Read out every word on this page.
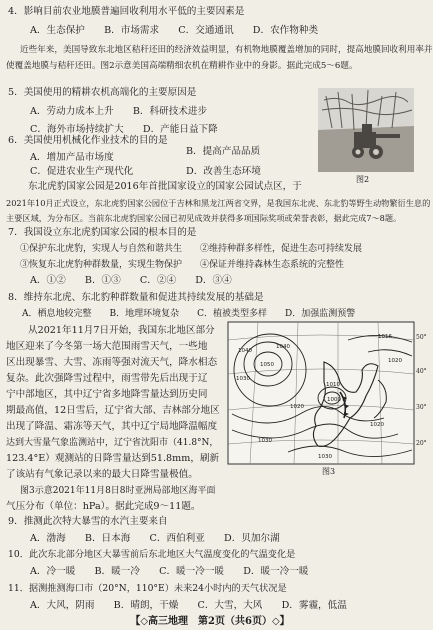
4．影响目前农业地膜普遍回收利用水平低的主要因素是
A．生态保护　　B．市场需求　　C．交通通讯　　D．农作物种类
近些年来，美国导致东北地区秸秆还田的经济效益明显，有机物地膜覆盖增加的同时，提高地膜回收利用率并
使覆盖地膜与秸秆还田。图2示意美国高端精细农机在精耕作业中的身影。据此完成5～6题。
5．美国使用的精耕农机高端化的主要原因是
A．劳动力成本上升　　B．科研技术进步
C．海外市场持续扩大　　D．产能日益下降
6．美国使用机械化作业技术的目的是
A．增加产品市场度
B．提高产品品质
C．促进农业生产现代化	D．改善生态环境
东北虎豹国家公园是2016年首批国家设立的国家公园试点区，于
2021年10月正式设立，东北虎豹国家公园位于吉林和黑龙江两省交界，是我国东北虎、东北豹等野生动物繁衍生息的
主要区域，为分布区。当前东北虎豹国家公园已初见成效并获得多项国际奖项或荣誉表彰，据此完成7～8题。
7．我国设立东北虎豹国家公园的根本目的是
①保护东北虎豹，实现人与自然和谐共生　　②维持种群多样性，促进生态可持续发展
③恢复东北虎豹种群数量，实现生物保护　　④保证并维持森林生态系统的完整性
A．①②　　B．①③　　C．②④　　D．③④
8．维持东北虎、东北豹种群数量和促进其持续发展的基础是
A．栖息地较完整　　B．地理环境复杂　　C．植被类型多样　　D．加强监测预警
从2021年11月7日开始，我国东北地区部分
地区迎来了今冬第一场大范围雨雪天气，一些地
区出现暴雪、大雪、冻雨等强对流天气，降水相态
复杂。此次强降雪过程中，雨雪带先后出现于辽
宁中部地区，其中辽宁省多地降雪量达到历史同
期最高值，12日雪后，辽宁省大部、吉林部分地区
出现了降温、霜冻等天气，其中辽宁局地降温幅度
达到大雪量气象监测站中，辽宁省沈阳市（41.8°N，
123.4°E）观测站的日降雪量达到51.8mm，刷新
了该站有气象记录以来的最大日降雪量极值。
图3示意2021年11月8日8时亚洲局部地区海平面
气压分布（单位：hPa）。据此完成9～11题。
9．推测此次特大暴雪的水汽主要来自
A．渤海　　B．日本海　　C．西伯利亚　　D．贝加尔湖
10．此次东北部分地区大暴雪前后东北地区大气温度变化的气温变化是
A．冷一暖　　B．暖一冷　　C．暖一冷一暖　　D．暖一冷一暖
11．据测推测海口市（20°N，110°E）未来24小时内的天气状况是
A．大风，阴雨　　B．晴朗，干燥　　C．大雪，大风　　D．雾霾，低温
图2
1050
1040
1030
1020
1010
1000
1020
1030
1020
1016
1030
1040
50°
40°
30°
20°
图3
【◇高三地理　第2页（共6页）◇】
